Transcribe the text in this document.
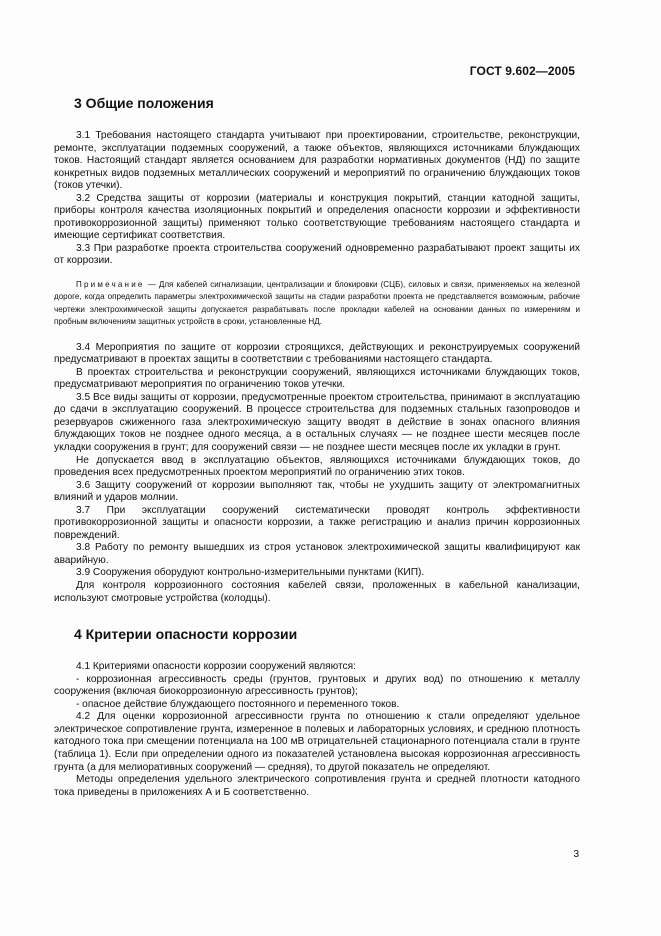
ГОСТ 9.602—2005
3 Общие положения

3.1 Требования настоящего стандарта учитывают при проектировании, строительстве, реконструкции, ремонте, эксплуатации подземных сооружений, а также объектов, являющихся источниками блуждающих токов. Настоящий стандарт является основанием для разработки нормативных документов (НД) по защите конкретных видов подземных металлических сооружений и мероприятий по ограничению блуждающих токов (токов утечки).

3.2 Средства защиты от коррозии (материалы и конструкция покрытий, станции катодной защиты, приборы контроля качества изоляционных покрытий и определения опасности коррозии и эффективности противокоррозионной защиты) применяют только соответствующие требованиям настоящего стандарта и имеющие сертификат соответствия.

3.3 При разработке проекта строительства сооружений одновременно разрабатывают проект защиты их от коррозии.

Примечание — Для кабелей сигнализации, централизации и блокировки (СЦБ), силовых и связи, применяемых на железной дороге, когда определить параметры электрохимической защиты на стадии разработки проекта не представляется возможным, рабочие чертежи электрохимической защиты допускается разрабатывать после прокладки кабелей на основании данных по измерениям и пробным включениям защитных устройств в сроки, установленные НД.

3.4 Мероприятия по защите от коррозии строящихся, действующих и реконструируемых сооружений предусматривают в проектах защиты в соответствии с требованиями настоящего стандарта.

В проектах строительства и реконструкции сооружений, являющихся источниками блуждающих токов, предусматривают мероприятия по ограничению токов утечки.

3.5 Все виды защиты от коррозии, предусмотренные проектом строительства, принимают в эксплуатацию до сдачи в эксплуатацию сооружений. В процессе строительства для подземных стальных газопроводов и резервуаров сжиженного газа электрохимическую защиту вводят в действие в зонах опасного влияния блуждающих токов не позднее одного месяца, а в остальных случаях — не позднее шести месяцев после укладки сооружения в грунт; для сооружений связи — не позднее шести месяцев после их укладки в грунт.

Не допускается ввод в эксплуатацию объектов, являющихся источниками блуждающих токов, до проведения всех предусмотренных проектом мероприятий по ограничению этих токов.

3.6 Защиту сооружений от коррозии выполняют так, чтобы не ухудшить защиту от электромагнитных влияний и ударов молнии.

3.7 При эксплуатации сооружений систематически проводят контроль эффективности противокоррозионной защиты и опасности коррозии, а также регистрацию и анализ причин коррозионных повреждений.

3.8 Работу по ремонту вышедших из строя установок электрохимической защиты квалифицируют как аварийную.

3.9 Сооружения оборудуют контрольно-измерительными пунктами (КИП).

Для контроля коррозионного состояния кабелей связи, проложенных в кабельной канализации, используют смотровые устройства (колодцы).

4 Критерии опасности коррозии

4.1 Критериями опасности коррозии сооружений являются:

- коррозионная агрессивность среды (грунтов, грунтовых и других вод) по отношению к металлу сооружения (включая биокоррозионную агрессивность грунтов);

- опасное действие блуждающего постоянного и переменного токов.

4.2 Для оценки коррозионной агрессивности грунта по отношению к стали определяют удельное электрическое сопротивление грунта, измеренное в полевых и лабораторных условиях, и среднюю плотность катодного тока при смещении потенциала на 100 мВ отрицательней стационарного потенциала стали в грунте (таблица 1). Если при определении одного из показателей установлена высокая коррозионная агрессивность грунта (а для мелиоративных сооружений — средняя), то другой показатель не определяют.

Методы определения удельного электрического сопротивления грунта и средней плотности катодного тока приведены в приложениях А и Б соответственно.

3
